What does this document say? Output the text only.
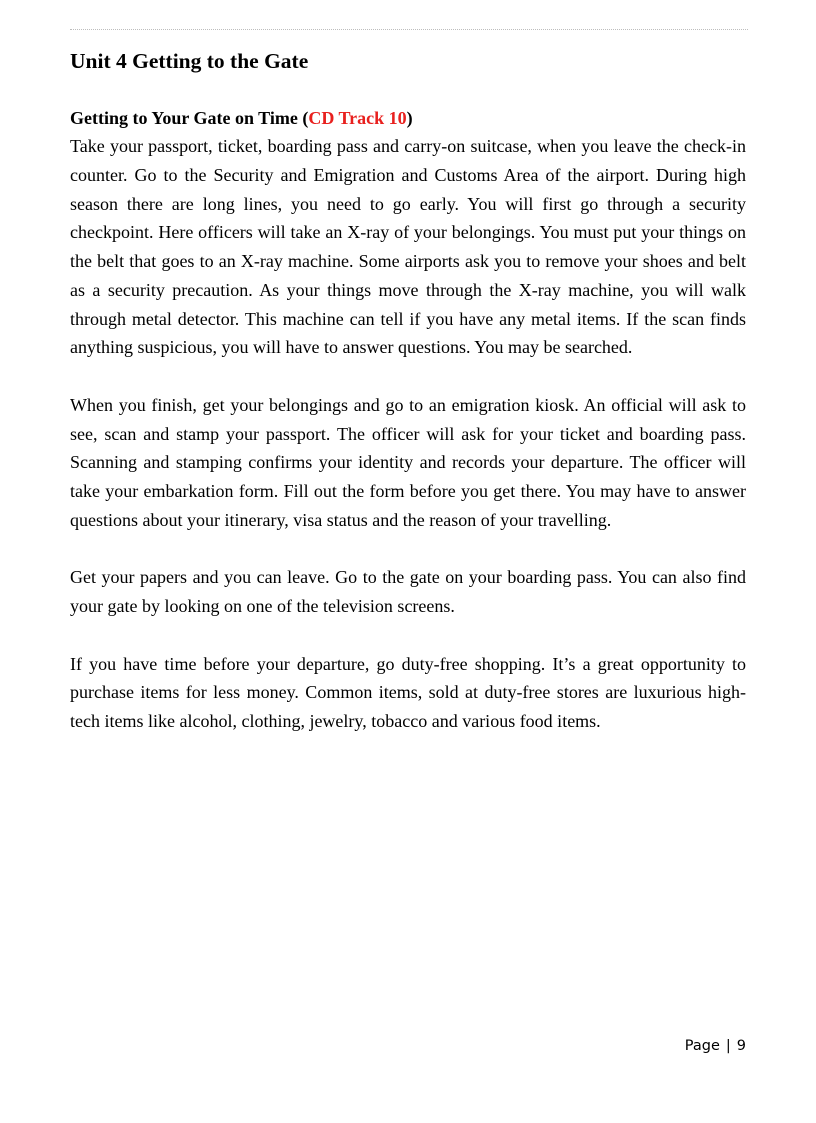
Unit 4 Getting to the Gate
Getting to Your Gate on Time (CD Track 10)

Take your passport, ticket, boarding pass and carry-on suitcase, when you leave the check-in counter. Go to the Security and Emigration and Customs Area of the airport. During high season there are long lines, you need to go early. You will first go through a security checkpoint. Here officers will take an X-ray of your belongings. You must put your things on the belt that goes to an X-ray machine. Some airports ask you to remove your shoes and belt as a security precaution. As your things move through the X-ray machine, you will walk through metal detector. This machine can tell if you have any metal items. If the scan finds anything suspicious, you will have to answer questions. You may be searched.

When you finish, get your belongings and go to an emigration kiosk. An official will ask to see, scan and stamp your passport. The officer will ask for your ticket and boarding pass. Scanning and stamping confirms your identity and records your departure. The officer will take your embarkation form. Fill out the form before you get there. You may have to answer questions about your itinerary, visa status and the reason of your travelling.

Get your papers and you can leave. Go to the gate on your boarding pass. You can also find your gate by looking on one of the television screens.

If you have time before your departure, go duty-free shopping. It’s a great opportunity to purchase items for less money. Common items, sold at duty-free stores are luxurious high-tech items like alcohol, clothing, jewelry, tobacco and various food items.

Page | 9
